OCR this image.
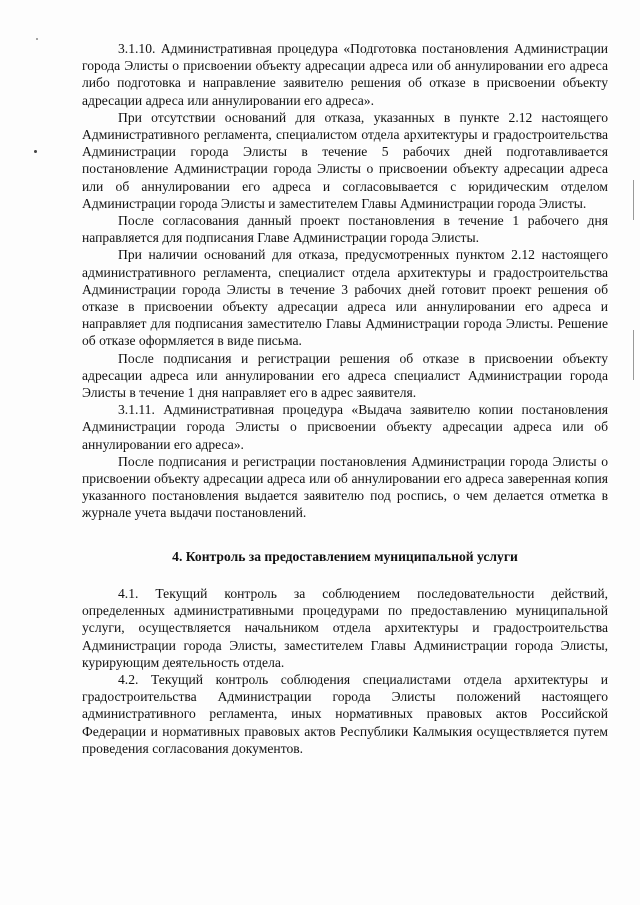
3.1.10. Административная процедура «Подготовка постановления Администрации города Элисты о присвоении объекту адресации адреса или об аннулировании его адреса либо подготовка и направление заявителю решения об отказе в присвоении объекту адресации адреса или аннулировании его адреса».

При отсутствии оснований для отказа, указанных в пункте 2.12 настоящего Административного регламента, специалистом отдела архитектуры и градостроительства Администрации города Элисты в течение 5 рабочих дней подготавливается постановление Администрации города Элисты о присвоении объекту адресации адреса или об аннулировании его адреса и согласовывается с юридическим отделом Администрации города Элисты и заместителем Главы Администрации города Элисты.

После согласования данный проект постановления в течение 1 рабочего дня направляется для подписания Главе Администрации города Элисты.

При наличии оснований для отказа, предусмотренных пунктом 2.12 настоящего административного регламента, специалист отдела архитектуры и градостроительства Администрации города Элисты в течение 3 рабочих дней готовит проект решения об отказе в присвоении объекту адресации адреса или аннулировании его адреса и направляет для подписания заместителю Главы Администрации города Элисты. Решение об отказе оформляется в виде письма.

После подписания и регистрации решения об отказе в присвоении объекту адресации адреса или аннулировании его адреса специалист Администрации города Элисты в течение 1 дня направляет его в адрес заявителя.

3.1.11. Административная процедура «Выдача заявителю копии постановления Администрации города Элисты о присвоении объекту адресации адреса или об аннулировании его адреса».

После подписания и регистрации постановления Администрации города Элисты о присвоении объекту адресации адреса или об аннулировании его адреса заверенная копия указанного постановления выдается заявителю под роспись, о чем делается отметка в журнале учета выдачи постановлений.

4. Контроль за предоставлением муниципальной услуги

4.1. Текущий контроль за соблюдением последовательности действий, определенных административными процедурами по предоставлению муниципальной услуги, осуществляется начальником отдела архитектуры и градостроительства Администрации города Элисты, заместителем Главы Администрации города Элисты, курирующим деятельность отдела.

4.2. Текущий контроль соблюдения специалистами отдела архитектуры и градостроительства Администрации города Элисты положений настоящего административного регламента, иных нормативных правовых актов Российской Федерации и нормативных правовых актов Республики Калмыкия осуществляется путем проведения согласования документов.
